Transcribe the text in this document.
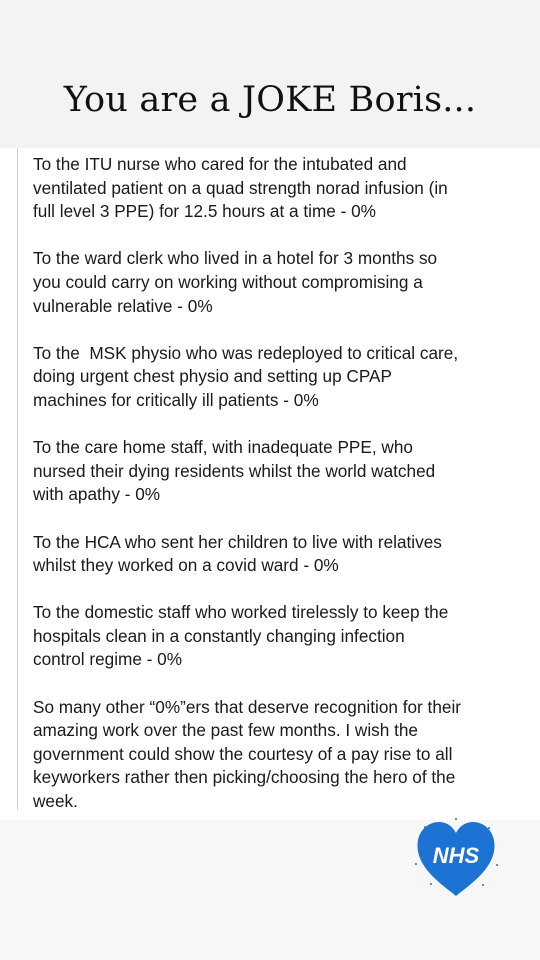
You are a JOKE Boris...

To the ITU nurse who cared for the intubated and
ventilated patient on a quad strength norad infusion (in
full level 3 PPE) for 12.5 hours at a time - 0%

To the ward clerk who lived in a hotel for 3 months so
you could carry on working without compromising a
vulnerable relative - 0%

To the  MSK physio who was redeployed to critical care,
doing urgent chest physio and setting up CPAP
machines for critically ill patients - 0%

To the care home staff, with inadequate PPE, who
nursed their dying residents whilst the world watched
with apathy - 0%

To the HCA who sent her children to live with relatives
whilst they worked on a covid ward - 0%

To the domestic staff who worked tirelessly to keep the
hospitals clean in a constantly changing infection
control regime - 0%

So many other “0%”ers that deserve recognition for their
amazing work over the past few months. I wish the
government could show the courtesy of a pay rise to all
keyworkers rather then picking/choosing the hero of the
week.

NHS
